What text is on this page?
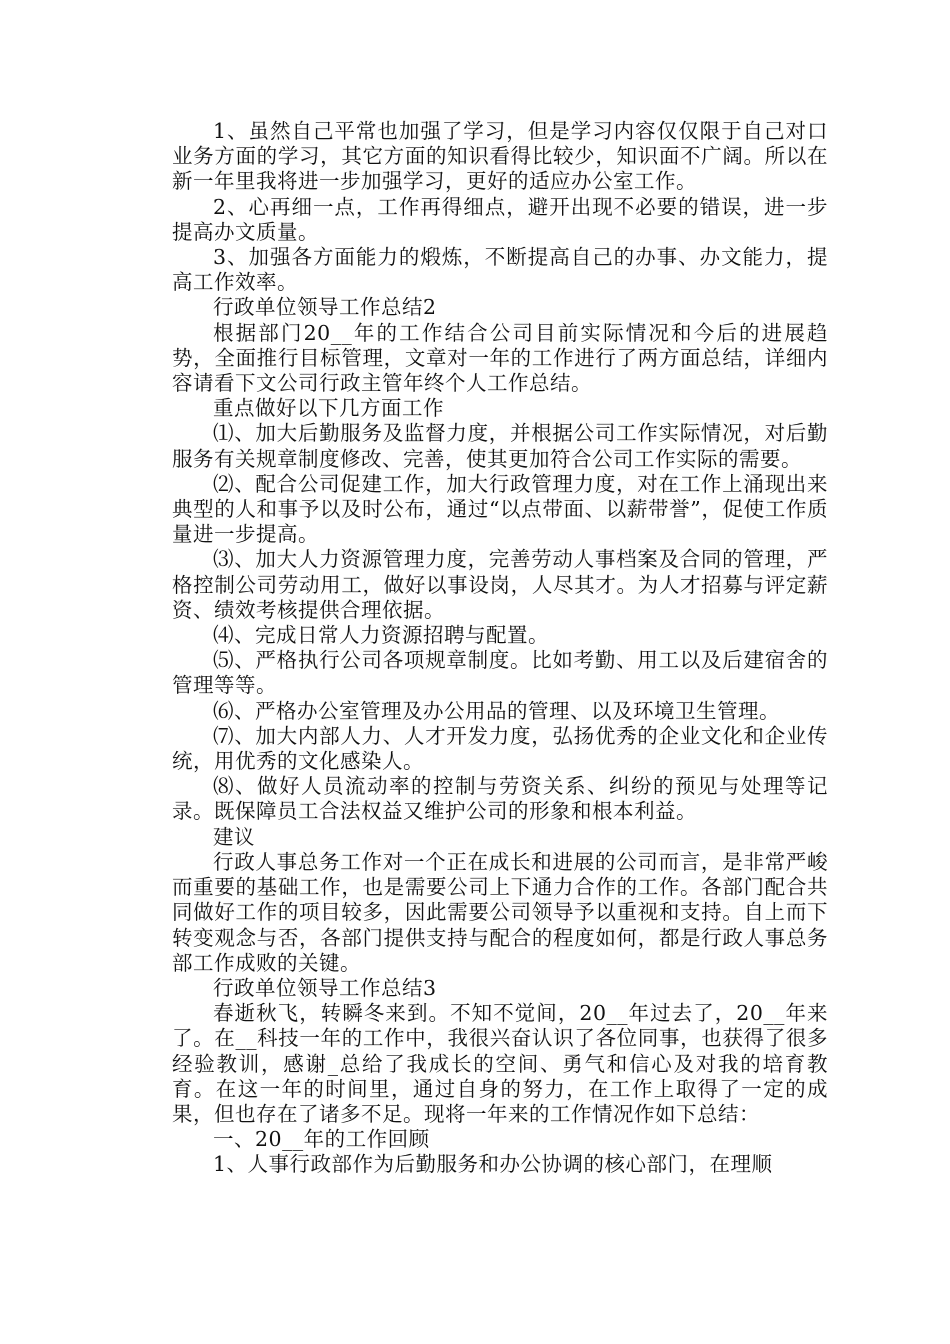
1、虽然自己平常也加强了学习，但是学习内容仅仅限于自己对口业务方面的学习，其它方面的知识看得比较少，知识面不广阔。所以在新一年里我将进一步加强学习，更好的适应办公室工作。

2、心再细一点，工作再得细点，避开出现不必要的错误，进一步提高办文质量。

3、加强各方面能力的煅炼，不断提高自己的办事、办文能力，提高工作效率。

行政单位领导工作总结2

根据部门20__年的工作结合公司目前实际情况和今后的进展趋势，全面推行目标管理，文章对一年的工作进行了两方面总结，详细内容请看下文公司行政主管年终个人工作总结。

重点做好以下几方面工作

⑴、加大后勤服务及监督力度，并根据公司工作实际情况，对后勤服务有关规章制度修改、完善，使其更加符合公司工作实际的需要。

⑵、配合公司促建工作，加大行政管理力度，对在工作上涌现出来典型的人和事予以及时公布，通过“以点带面、以薪带誉”，促使工作质量进一步提高。

⑶、加大人力资源管理力度，完善劳动人事档案及合同的管理，严格控制公司劳动用工，做好以事设岗，人尽其才。为人才招募与评定薪资、绩效考核提供合理依据。

⑷、完成日常人力资源招聘与配置。

⑸、严格执行公司各项规章制度。比如考勤、用工以及后建宿舍的管理等等。

⑹、严格办公室管理及办公用品的管理、以及环境卫生管理。

⑺、加大内部人力、人才开发力度，弘扬优秀的企业文化和企业传统，用优秀的文化感染人。

⑻、做好人员流动率的控制与劳资关系、纠纷的预见与处理等记录。既保障员工合法权益又维护公司的形象和根本利益。

建议

行政人事总务工作对一个正在成长和进展的公司而言，是非常严峻而重要的基础工作，也是需要公司上下通力合作的工作。各部门配合共同做好工作的项目较多，因此需要公司领导予以重视和支持。自上而下转变观念与否，各部门提供支持与配合的程度如何，都是行政人事总务部工作成败的关键。

行政单位领导工作总结3

春逝秋飞，转瞬冬来到。不知不觉间，20__年过去了，20__年来了。在__科技一年的工作中，我很兴奋认识了各位同事，也获得了很多经验教训，感谢_总给了我成长的空间、勇气和信心及对我的培育教育。在这一年的时间里，通过自身的努力，在工作上取得了一定的成果，但也存在了诸多不足。现将一年来的工作情况作如下总结：

一、20__年的工作回顾

1、人事行政部作为后勤服务和办公协调的核心部门，在理顺
